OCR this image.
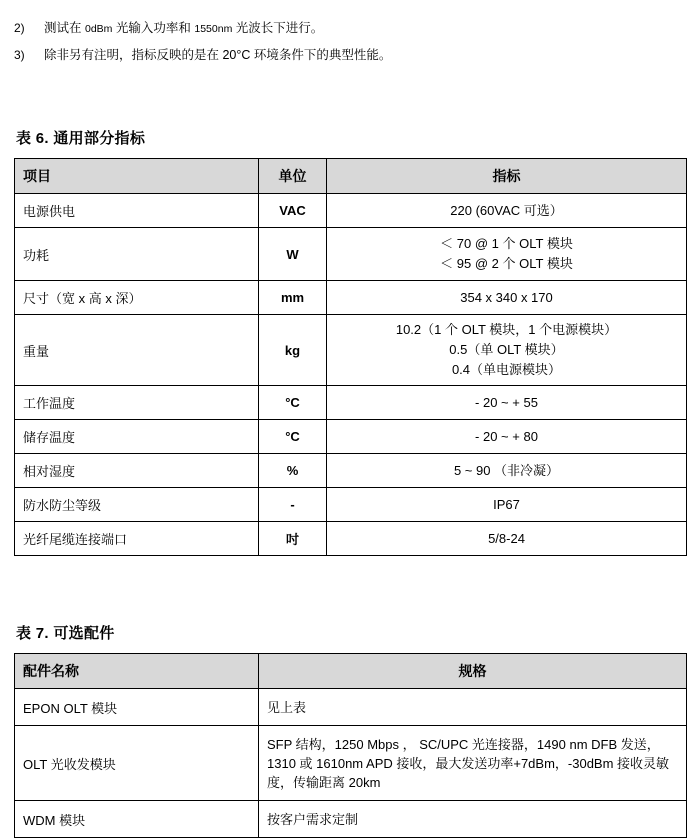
2)	测试在 0dBm 光输入功率和 1550nm 光波长下进行。
3)	除非另有注明，指标反映的是在 20°C 环境条件下的典型性能。
表 6. 通用部分指标
项目	单位	指标
电源供电	VAC	220 (60VAC 可选）

功耗	W	＜ 70 @ 1 个 OLT 模块
＜ 95 @ 2 个 OLT 模块

尺寸（宽 x 高 x 深）	mm	354 x 340 x 170

重量	kg	10.2（1 个 OLT 模块，1 个电源模块）
0.5（单 OLT 模块）
0.4（单电源模块）

工作温度	°C	- 20 ~ + 55

储存温度	°C	- 20 ~ + 80

相对湿度	%	5 ~ 90 （非冷凝）

防水防尘等级	-	IP67

光纤尾缆连接端口	吋	5/8-24
表 7. 可选配件
配件名称	规格
EPON OLT 模块	见上表
OLT 光收发模块	SFP 结构，1250 Mbps ， SC/UPC 光连接器，1490 nm DFB 发送，1310 或 1610nm APD 接收，最大发送功率+7dBm，-30dBm 接收灵敏度，传输距离 20km
WDM 模块	按客户需求定制
